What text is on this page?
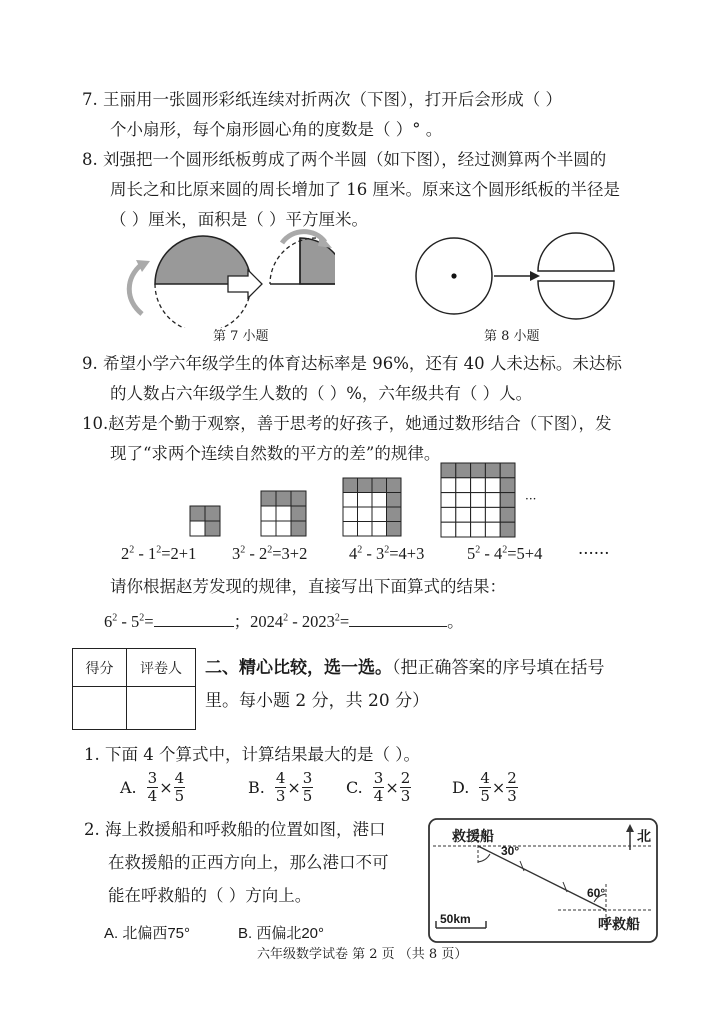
7. 王丽用一张圆形彩纸连续对折两次（下图），打开后会形成（ ）
个小扇形，每个扇形圆心角的度数是（ ）° 。
8. 刘强把一个圆形纸板剪成了两个半圆（如下图），经过测算两个半圆的
周长之和比原来圆的周长增加了 16 厘米。原来这个圆形纸板的半径是
（ ）厘米，面积是（ ）平方厘米。
第 7 小题	第 8 小题
9. 希望小学六年级学生的体育达标率是 96%，还有 40 人未达标。未达标
的人数占六年级学生人数的（ ）%，六年级共有（ ）人。
10.赵芳是个勤于观察，善于思考的好孩子，她通过数形结合（下图），发
现了“求两个连续自然数的平方的差”的规律。
···
$2^2 - 1^2=2+1$ $3^2 - 2^2=3+2$	$4^2 - 3^2=4+3$	$5^2 - 4^2=5+4$ ······
请你根据赵芳发现的规律，直接写出下面算式的结果：
$6^2 - 5^2=$	；$2024^2 - 2023^2=$	。
得分	评卷人
	二、精心比较，选一选。（把正确答案的序号填在括号
里。每小题 2 分，共 20 分）
1. 下面 4 个算式中，计算结果最大的是（ ）。
A. $\frac{3}{4} \times \frac{4}{5}$	B. $\frac{4}{3} \times \frac{3}{5} C$. $\frac{3}{4} \times \frac{2}{3}$	D. $\frac{4}{5} \times \frac{2}{3}$
2. 海上救援船和呼救船的位置如图，港口
在救援船的正西方向上，那么港口不可
能在呼救船的（ ）方向上。
A. 北偏西75°	B. 西偏北20°
救援船	北
30°
60°
呼救船
50km
六年级数学试卷 第 2 页 （共 8 页）
